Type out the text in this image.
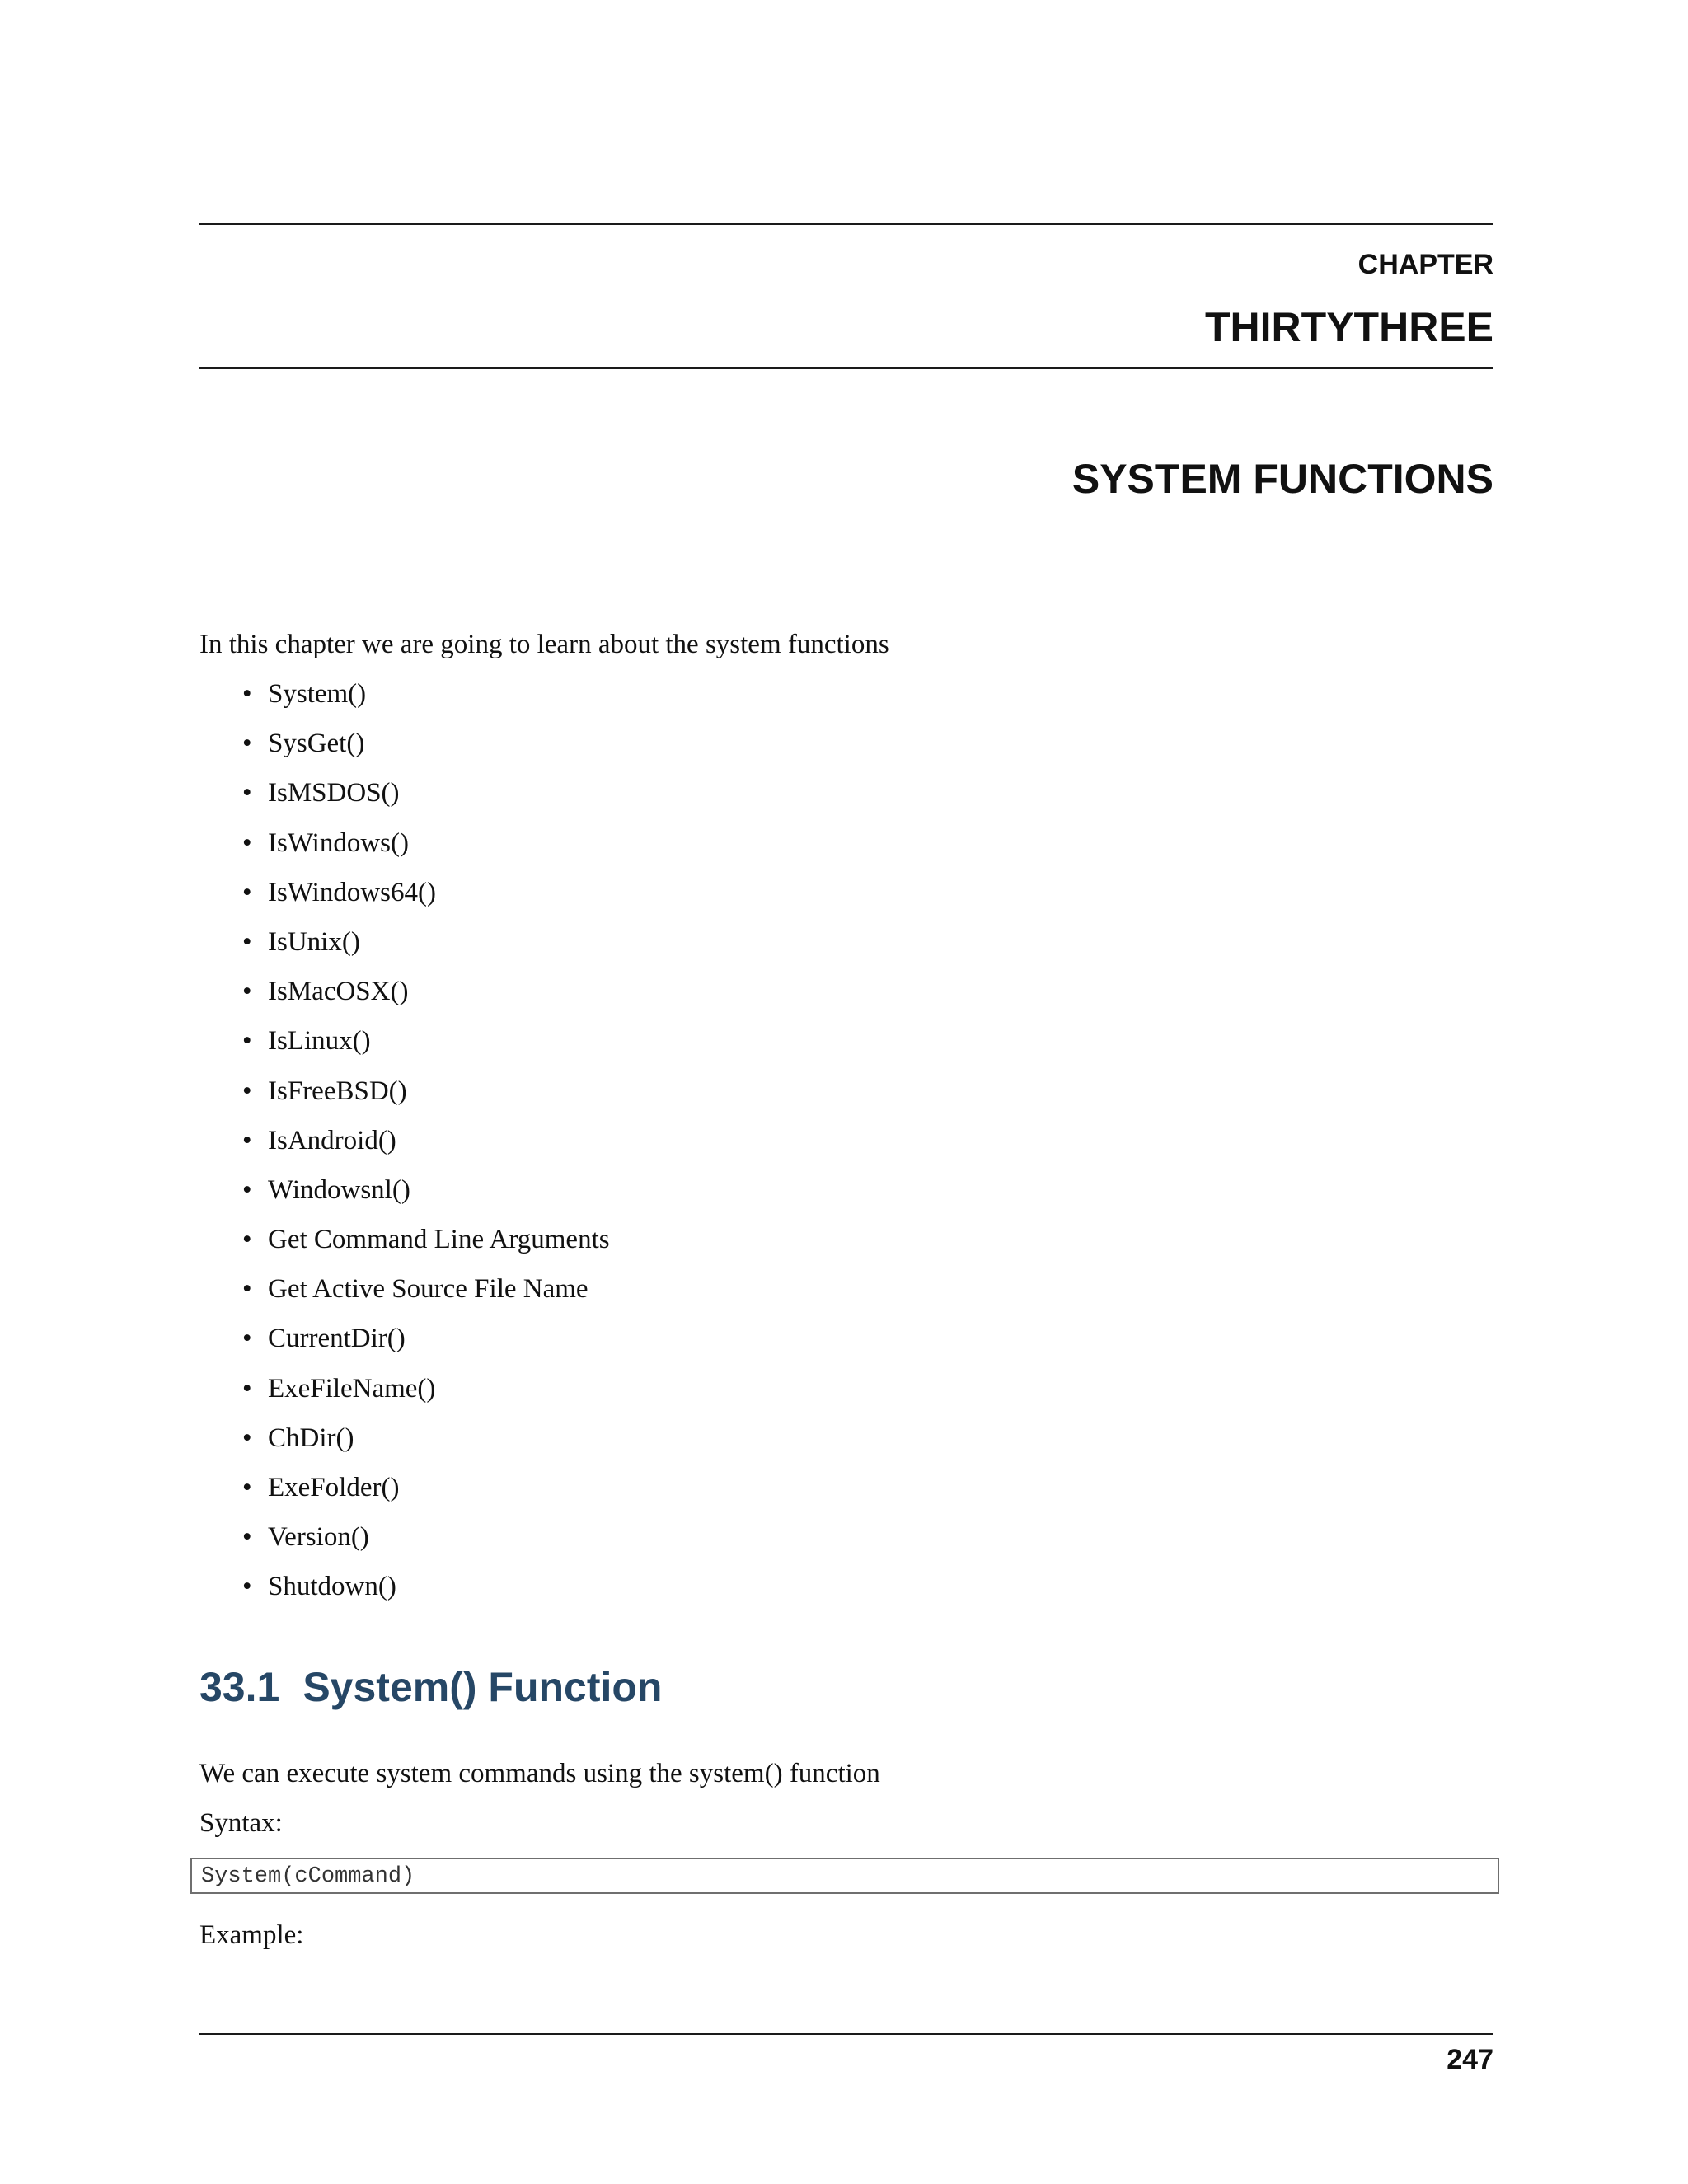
CHAPTER
THIRTYTHREE
SYSTEM FUNCTIONS
In this chapter we are going to learn about the system functions
• System()
• SysGet()
• IsMSDOS()
• IsWindows()
• IsWindows64()
• IsUnix()
• IsMacOSX()
• IsLinux()
• IsFreeBSD()
• IsAndroid()
• Windowsnl()
• Get Command Line Arguments
• Get Active Source File Name
• CurrentDir()
• ExeFileName()
• ChDir()
• ExeFolder()
• Version()
• Shutdown()
33.1 System() Function
We can execute system commands using the system() function
Syntax:
System(cCommand)
Example:
247
